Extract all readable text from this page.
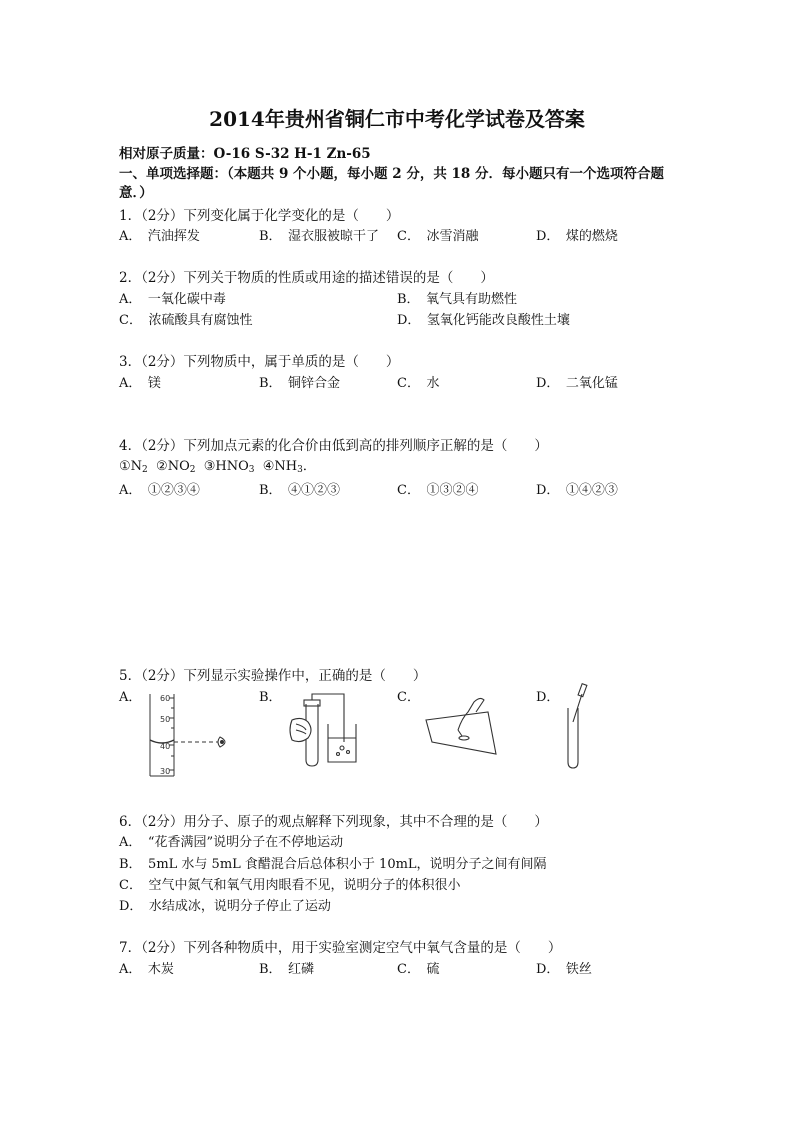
2014年贵州省铜仁市中考化学试卷及答案
相对原子质量：O-16 S-32 H-1 Zn-65
一、单项选择题：（本题共 9 个小题，每小题 2 分，共 18 分．每小题只有一个选项符合题
意．）
1．（2分）下列变化属于化学变化的是（　　）
A．　汽油挥发	B．　湿衣服被晾干了 C．　冰雪消融	D．　煤的燃烧
2．（2分）下列关于物质的性质或用途的描述错误的是（　　）
A．　一氧化碳中毒	B．　氧气具有助燃性
C．　浓硫酸具有腐蚀性	D．　氢氧化钙能改良酸性土壤
3．（2分）下列物质中，属于单质的是（　　）
A．　镁	B．　铜锌合金	C．　水	D．　二氧化锰
4．（2分）下列加点元素的化合价由低到高的排列顺序正解的是（　　）
$①N_2$ $②NO_2$ $③HNO_3$ $④NH_3$．
A．　①②③④	B．　④①②③	C．　①③②④	D．　①④②③
5．（2分）下列显示实验操作中，正确的是（　　）
A．	B．	C．	D．
60
50
40
30
6．（2分）用分子、原子的观点解释下列现象，其中不合理的是（　　）
A．　“花香满园”说明分子在不停地运动
B．　5mL 水与 5mL 食醋混合后总体积小于 10mL，说明分子之间有间隔
C．　空气中氮气和氧气用肉眼看不见，说明分子的体积很小
D．　水结成冰，说明分子停止了运动
7．（2分）下列各种物质中，用于实验室测定空气中氧气含量的是（　　）
A．　木炭	B．　红磷	C．　硫	D．　铁丝
